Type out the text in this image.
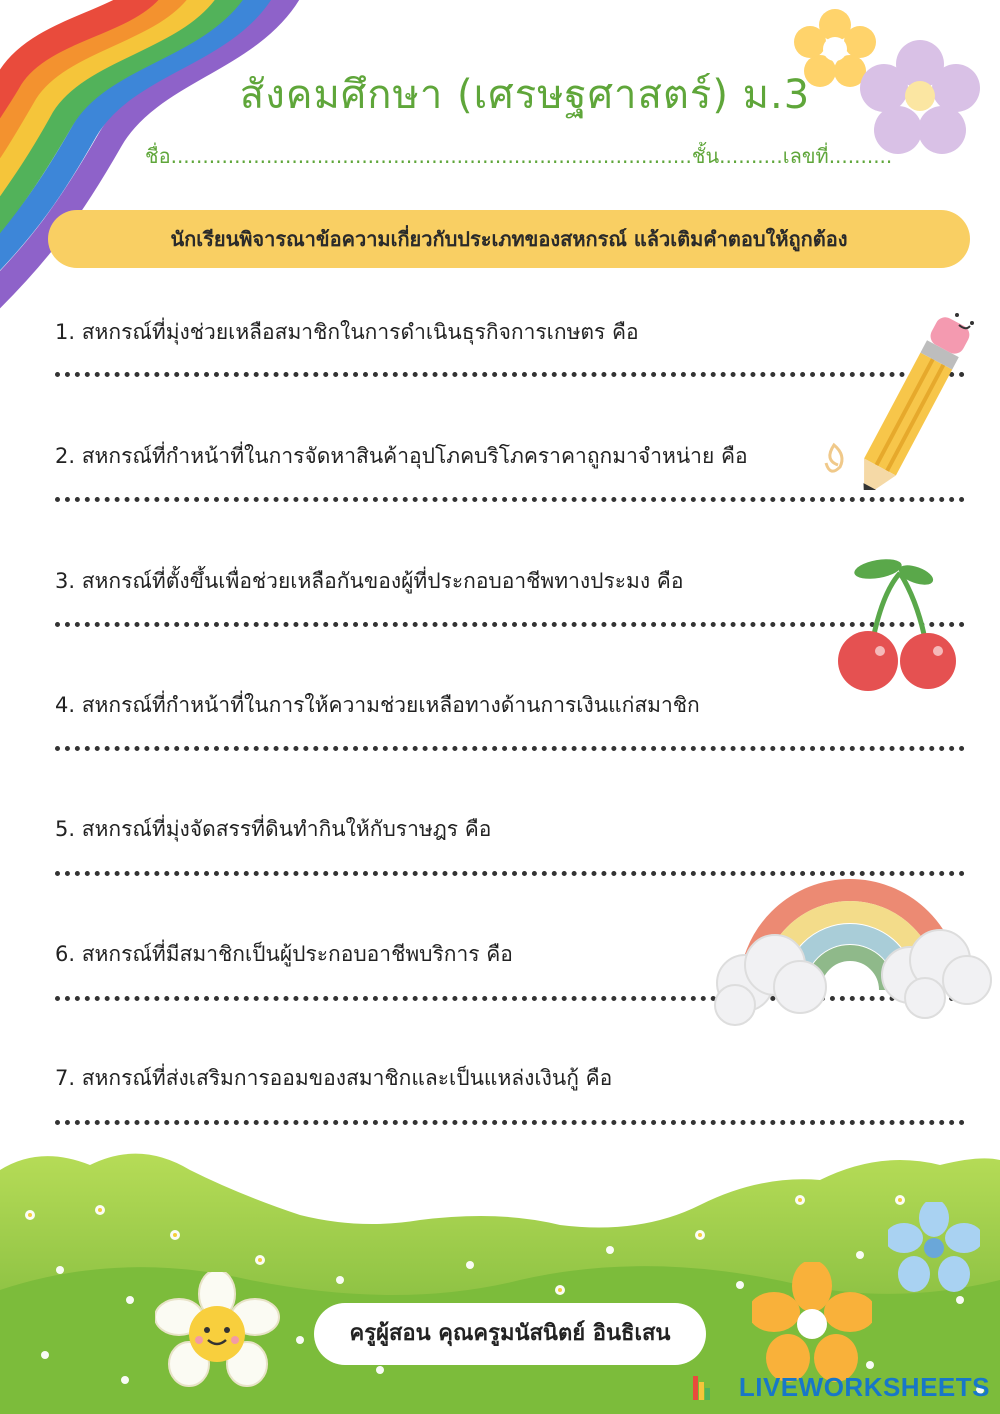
สังคมศึกษา (เศรษฐศาสตร์) ม.3
ชื่อ..................................................................................ชั้น..........เลขที่..........
นักเรียนพิจารณาข้อความเกี่ยวกับประเภทของสหกรณ์ แล้วเติมคำตอบให้ถูกต้อง
1. สหกรณ์ที่มุ่งช่วยเหลือสมาชิกในการดำเนินธุรกิจการเกษตร คือ
2. สหกรณ์ที่กำหน้าที่ในการจัดหาสินค้าอุปโภคบริโภคราคาถูกมาจำหน่าย คือ
3. สหกรณ์ที่ตั้งขึ้นเพื่อช่วยเหลือกันของผู้ที่ประกอบอาชีพทางประมง คือ
4. สหกรณ์ที่กำหน้าที่ในการให้ความช่วยเหลือทางด้านการเงินแก่สมาชิก
5. สหกรณ์ที่มุ่งจัดสรรที่ดินทำกินให้กับราษฎร คือ
6. สหกรณ์ที่มีสมาชิกเป็นผู้ประกอบอาชีพบริการ คือ
7. สหกรณ์ที่ส่งเสริมการออมของสมาชิกและเป็นแหล่งเงินกู้ คือ
ครูผู้สอน คุณครูมนัสนิตย์ อินธิเสน
LIVEWORKSHEETS
